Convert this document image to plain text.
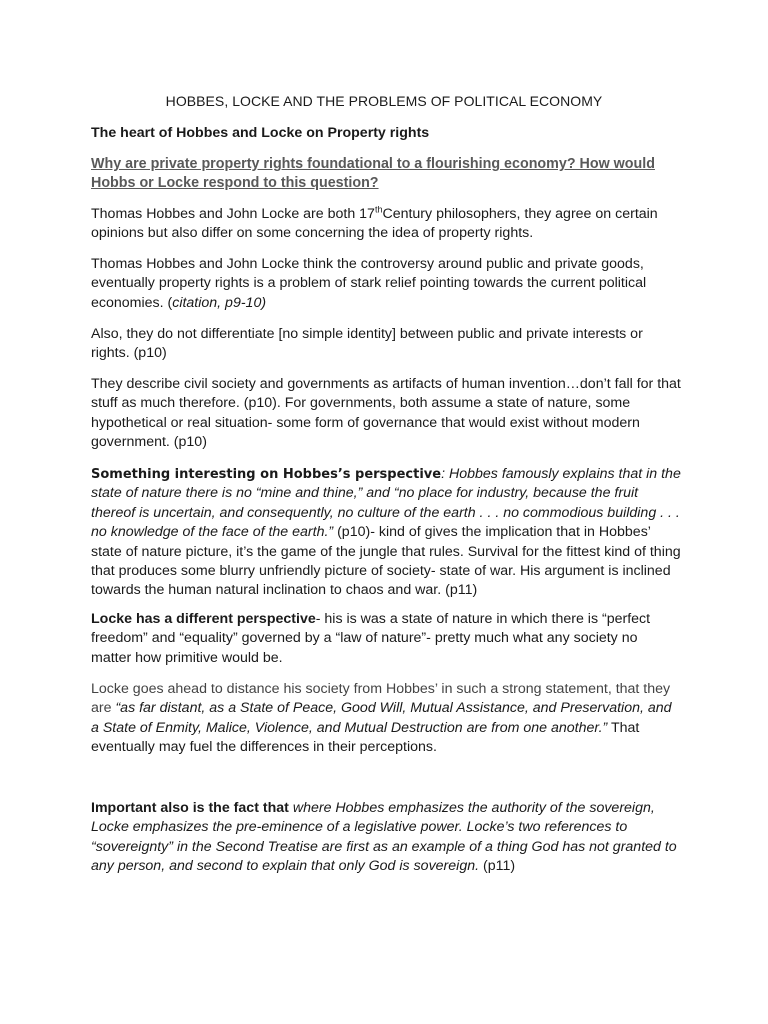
HOBBES, LOCKE AND THE PROBLEMS OF POLITICAL ECONOMY
The heart of Hobbes and Locke on Property rights
Why are private property rights foundational to a flourishing economy? How would Hobbs or Locke respond to this question?

Thomas Hobbes and John Locke are both 17thCentury philosophers, they agree on certain opinions but also differ on some concerning the idea of property rights.

Thomas Hobbes and John Locke think the controversy around public and private goods, eventually property rights is a problem of stark relief pointing towards the current political economies. (citation, p9-10)

Also, they do not differentiate [no simple identity] between public and private interests or rights. (p10)

They describe civil society and governments as artifacts of human invention…don’t fall for that stuff as much therefore. (p10). For governments, both assume a state of nature, some hypothetical or real situation- some form of governance that would exist without modern government. (p10)

Something interesting on Hobbes’s perspective: Hobbes famously explains that in the state of nature there is no “mine and thine,” and “no place for industry, because the fruit thereof is uncertain, and consequently, no culture of the earth . . . no commodious building . . . no knowledge of the face of the earth.” (p10)- kind of gives the implication that in Hobbes’ state of nature picture, it’s the game of the jungle that rules. Survival for the fittest kind of thing that produces some blurry unfriendly picture of society- state of war. His argument is inclined towards the human natural inclination to chaos and war. (p11)

Locke has a different perspective- his is was a state of nature in which there is “perfect freedom” and “equality” governed by a “law of nature”- pretty much what any society no matter how primitive would be.

Locke goes ahead to distance his society from Hobbes’ in such a strong statement, that they are “as far distant, as a State of Peace, Good Will, Mutual Assistance, and Preservation, and a State of Enmity, Malice, Violence, and Mutual Destruction are from one another.” That eventually may fuel the differences in their perceptions.

Important also is the fact that where Hobbes emphasizes the authority of the sovereign, Locke emphasizes the pre-eminence of a legislative power. Locke’s two references to “sovereignty” in the Second Treatise are first as an example of a thing God has not granted to any person, and second to explain that only God is sovereign. (p11)
